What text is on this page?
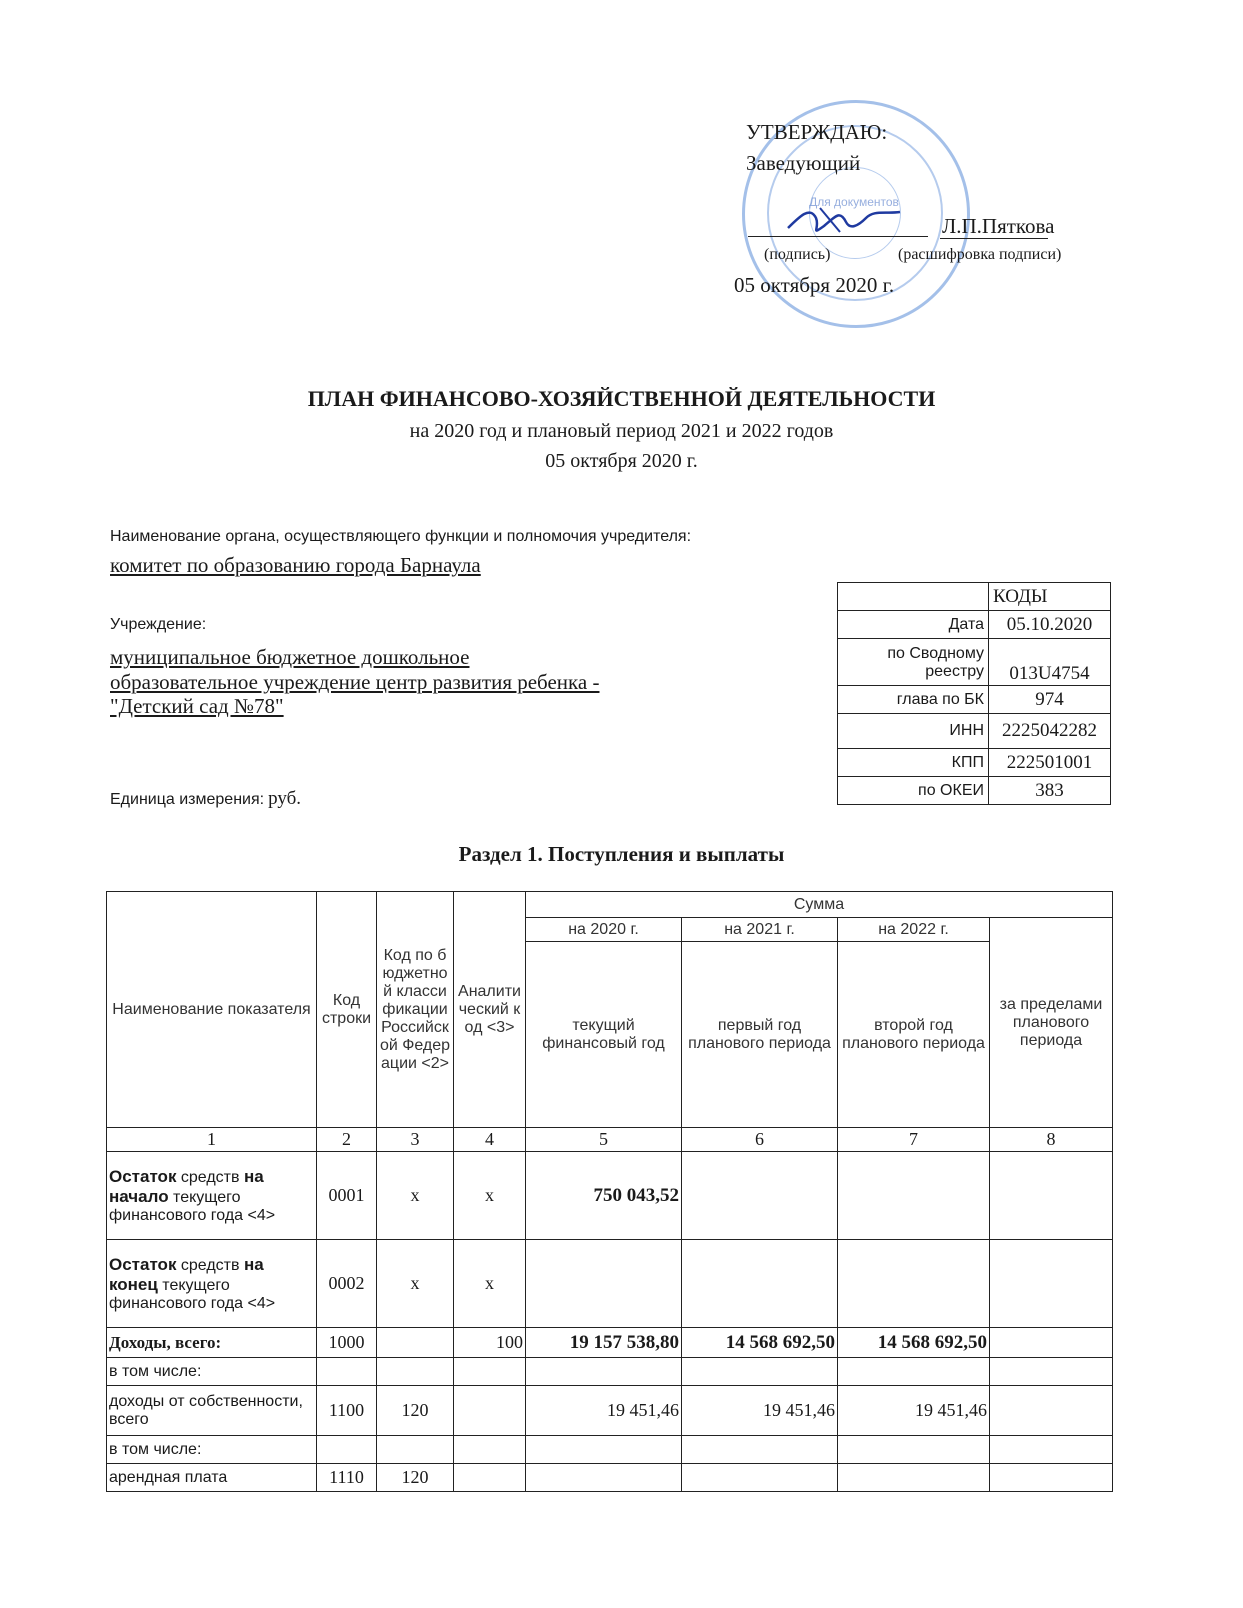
Для документов
УТВЕРЖДАЮ:
Заведующий
Л.П.Пяткова
(подпись)	(расшифровка подписи)
05 октября 2020 г.
ПЛАН ФИНАНСОВО-ХОЗЯЙСТВЕННОЙ ДЕЯТЕЛЬНОСТИ
на 2020 год и плановый период 2021 и 2022 годов
05 октября 2020 г.
Наименование органа, осуществляющего функции и полномочия учредителя:
комитет по образованию города Барнаула
Учреждение:
муниципальное бюджетное дошкольное
образовательное учреждение центр развития ребенка -
"Детский сад №78"
Единица измерения: руб.
	КОДЫ
Дата	05.10.2020
по Сводному реестру	013U4754
глава по БК	974
ИНН	2225042282
КПП	222501001
по ОКЕИ	383
Раздел 1. Поступления и выплаты
Наименование показателя	Код строки	Код по бюджетной классификации Российской Федерации <2>	Аналитический код <3>	Сумма			
				на 2020 г.	на 2021 г.	на 2022 г.	за пределами планового периода
				текущий финансовый год	первый год планового периода	второй год планового периода	
1	2	3	4	5	6	7	8
Остаток средств на начало текущего финансового года <4>	0001	x	x	750 043,52			
Остаток средств на конец текущего финансового года <4>	0002	x	x				
Доходы, всего:	1000		100	19 157 538,80	14 568 692,50	14 568 692,50	
в том числе:							
доходы от собственности, всего	1100	120		19 451,46	19 451,46	19 451,46	
в том числе:							
арендная плата	1110	120					
